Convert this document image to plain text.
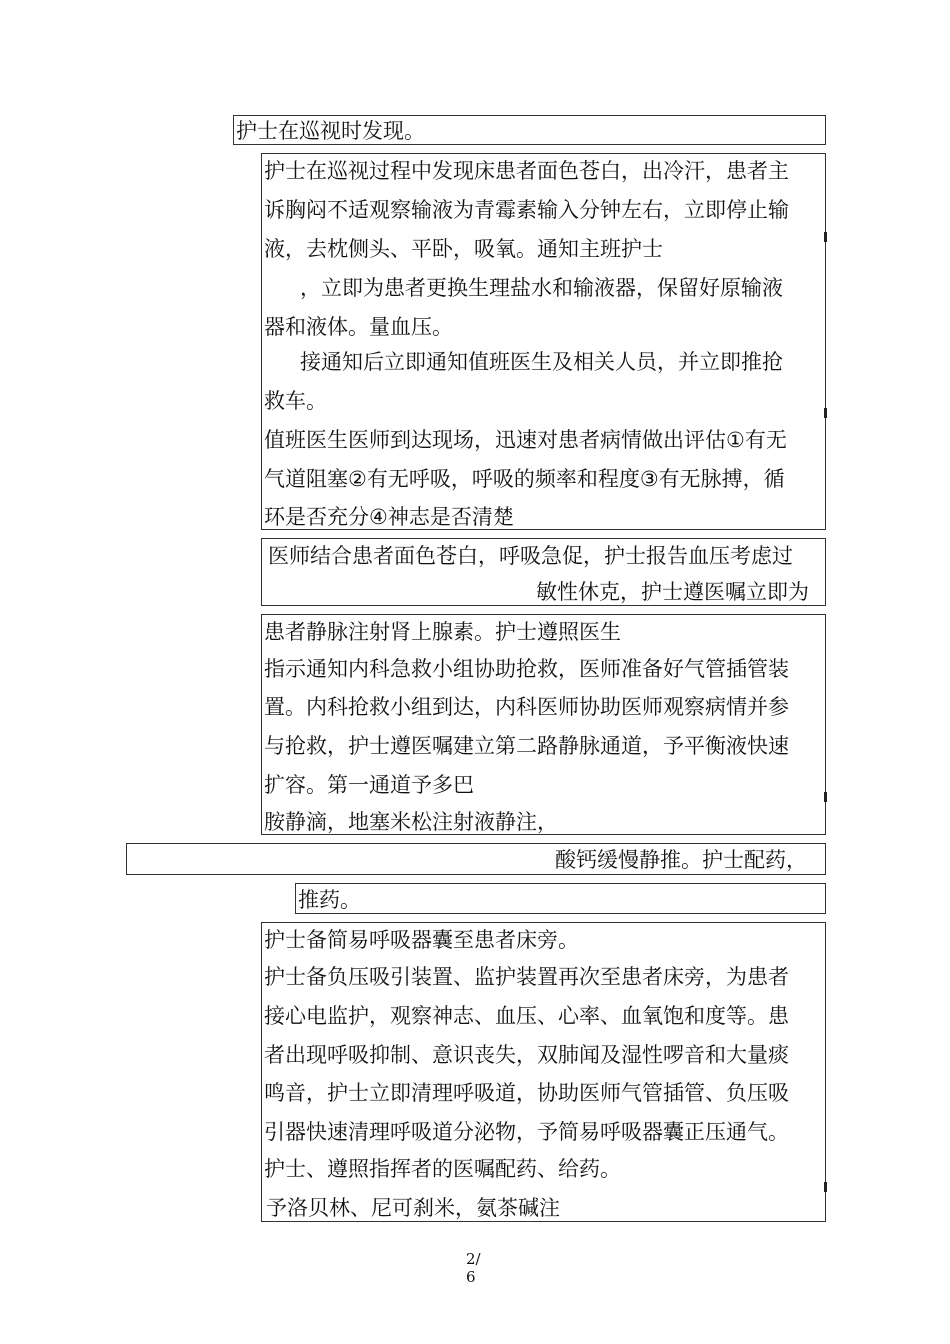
护士在巡视时发现。
护士在巡视过程中发现床患者面色苍白，出冷汗，患者主
诉胸闷不适观察输液为青霉素输入分钟左右，立即停止输
液，去枕侧头、平卧，吸氧。通知主班护士
，立即为患者更换生理盐水和输液器，保留好原输液
器和液体。量血压。
接通知后立即通知值班医生及相关人员，并立即推抢
救车。
值班医生医师到达现场，迅速对患者病情做出评估①有无
气道阻塞②有无呼吸，呼吸的频率和程度③有无脉搏，循
环是否充分④神志是否清楚
医师结合患者面色苍白，呼吸急促，护士报告血压考虑过
敏性休克，护士遵医嘱立即为
患者静脉注射肾上腺素。护士遵照医生
指示通知内科急救小组协助抢救，医师准备好气管插管装
置。内科抢救小组到达，内科医师协助医师观察病情并参
与抢救，护士遵医嘱建立第二路静脉通道，予平衡液快速
扩容。第一通道予多巴
胺静滴，地塞米松注射液静注，
酸钙缓慢静推。护士配药，
推药。
护士备简易呼吸器囊至患者床旁。
护士备负压吸引装置、监护装置再次至患者床旁，为患者
接心电监护，观察神志、血压、心率、血氧饱和度等。患
者出现呼吸抑制、意识丧失，双肺闻及湿性啰音和大量痰
鸣音，护士立即清理呼吸道，协助医师气管插管、负压吸
引器快速清理呼吸道分泌物，予简易呼吸器囊正压通气。
护士、遵照指挥者的医嘱配药、给药。
予洛贝林、尼可刹米，氨茶碱注
2/
6
